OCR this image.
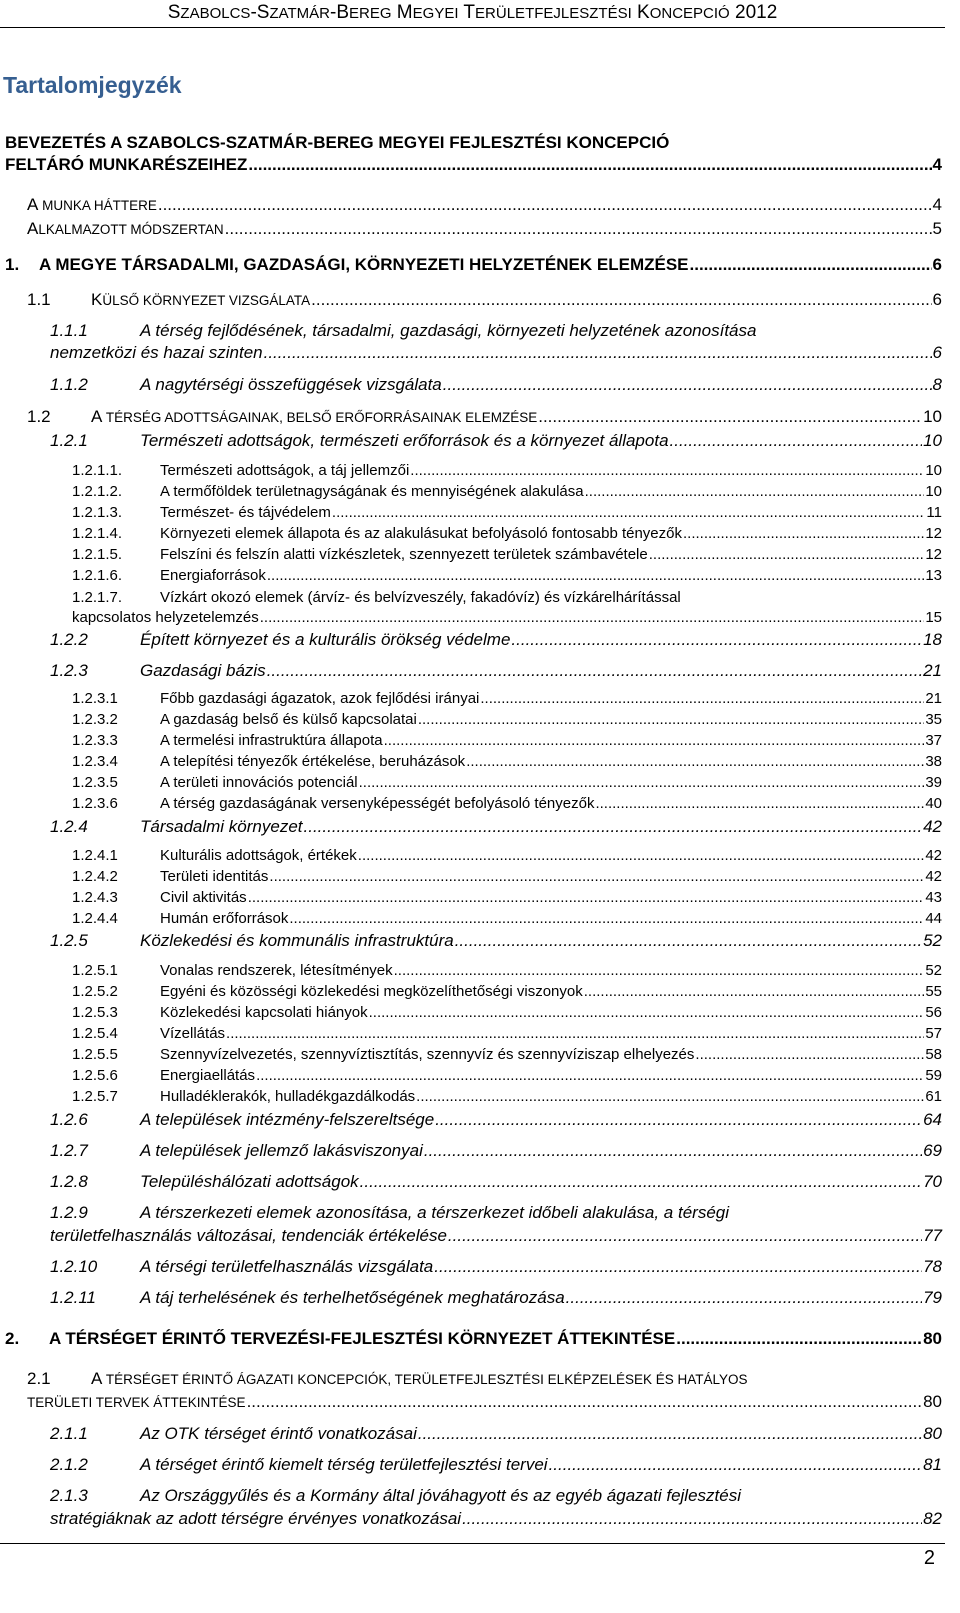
SZABOLCS-SZATMÁR-BEREG MEGYEI TERÜLETFEJLESZTÉSI KONCEPCIÓ 2012
Tartalomjegyzék
BEVEZETÉS A SZABOLCS-SZATMÁR-BEREG MEGYEI FEJLESZTÉSI KONCEPCIÓ
FELTÁRÓ MUNKARÉSZEIHEZ .....	4
A MUNKA HÁTTERE .....	4
ALKALMAZOTT MÓDSZERTAN .....	5
1.	A MEGYE TÁRSADALMI, GAZDASÁGI, KÖRNYEZETI HELYZETÉNEK ELEMZÉSE .....	6
1.1	KÜLSŐ KÖRNYEZET VIZSGÁLATA .....	6
1.1.1	A térség fejlődésének, társadalmi, gazdasági, környezeti helyzetének azonosítása
nemzetközi és hazai szinten .....	6
1.1.2	A nagytérségi összefüggések vizsgálata .....	8
1.2	A TÉRSÉG ADOTTSÁGAINAK, BELSŐ ERŐFORRÁSAINAK ELEMZÉSE .....	10
1.2.1	Természeti adottságok, természeti erőforrások és a környezet állapota .....	10
1.2.1.1.	Természeti adottságok, a táj jellemzői .....	10
1.2.1.2.	A termőföldek területnagyságának és mennyiségének alakulása .....	10
1.2.1.3.	Természet- és tájvédelem .....	11
1.2.1.4.	Környezeti elemek állapota és az alakulásukat befolyásoló fontosabb tényezők .....	12
1.2.1.5.	Felszíni és felszín alatti vízkészletek, szennyezett területek számbavétele .....	12
1.2.1.6.	Energiaforrások .....	13
1.2.1.7.	Vízkárt okozó elemek (árvíz- és belvízveszély, fakadóvíz) és vízkárelhárítással
kapcsolatos helyzetelemzés .....	15
1.2.2	Épített környezet és a kulturális örökség védelme .....	18
1.2.3	Gazdasági bázis .....	21
1.2.3.1	Főbb gazdasági ágazatok, azok fejlődési irányai .....	21
1.2.3.2	A gazdaság belső és külső kapcsolatai .....	35
1.2.3.3	A termelési infrastruktúra állapota .....	37
1.2.3.4	A telepítési tényezők értékelése, beruházások .....	38
1.2.3.5	A területi innovációs potenciál .....	39
1.2.3.6	A térség gazdaságának versenyképességét befolyásoló tényezők .....	40
1.2.4	Társadalmi környezet .....	42
1.2.4.1	Kulturális adottságok, értékek .....	42
1.2.4.2	Területi identitás .....	42
1.2.4.3	Civil aktivitás .....	43
1.2.4.4	Humán erőforrások .....	44
1.2.5	Közlekedési és kommunális infrastruktúra .....	52
1.2.5.1	Vonalas rendszerek, létesítmények .....	52
1.2.5.2	Egyéni és közösségi közlekedési megközelíthetőségi viszonyok .....	55
1.2.5.3	Közlekedési kapcsolati hiányok .....	56
1.2.5.4	Vízellátás .....	57
1.2.5.5	Szennyvízelvezetés, szennyvíztisztítás, szennyvíz és szennyvíziszap elhelyezés .....	58
1.2.5.6	Energiaellátás .....	59
1.2.5.7	Hulladéklerakók, hulladékgazdálkodás .....	61
1.2.6	A települések intézmény-felszereltsége .....	64
1.2.7	A települések jellemző lakásviszonyai .....	69
1.2.8	Településhálózati adottságok .....	70
1.2.9	A térszerkezeti elemek azonosítása, a térszerkezet időbeli alakulása, a térségi
területfelhasználás változásai, tendenciák értékelése .....	77
1.2.10	A térségi területfelhasználás vizsgálata .....	78
1.2.11	A táj terhelésének és terhelhetőségének meghatározása .....	79
2.	A TÉRSÉGET ÉRINTŐ TERVEZÉSI-FEJLESZTÉSI KÖRNYEZET ÁTTEKINTÉSE .....	80
2.1 A TÉRSÉGET ÉRINTŐ ÁGAZATI KONCEPCIÓK, TERÜLETFEJLESZTÉSI ELKÉPZELÉSEK ÉS HATÁLYOS
TERÜLETI TERVEK ÁTTEKINTÉSE .....	80
2.1.1	Az OTK térséget érintő vonatkozásai .....	80
2.1.2	A térséget érintő kiemelt térség területfejlesztési tervei .....	81
2.1.3	Az Országgyűlés és a Kormány által jóváhagyott és az egyéb ágazati fejlesztési
stratégiáknak az adott térségre érvényes vonatkozásai .....	82
2
